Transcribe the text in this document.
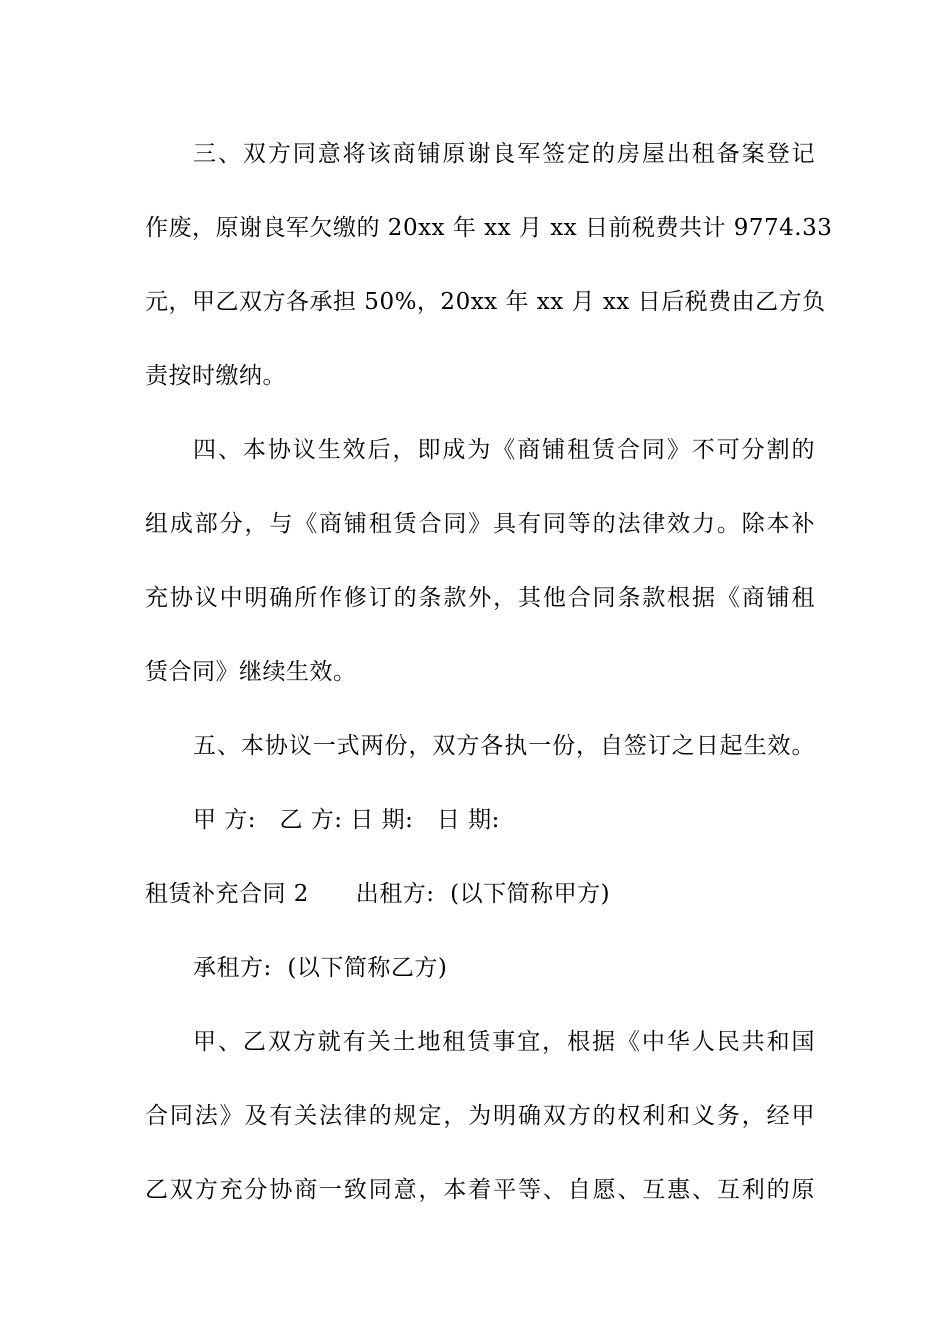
三、双方同意将该商铺原谢良军签定的房屋出租备案登记
作废，原谢良军欠缴的 20xx 年 xx 月 xx 日前税费共计 9774.33
元，甲乙双方各承担 50%，20xx 年 xx 月 xx 日后税费由乙方负
责按时缴纳。
四、本协议生效后，即成为《商铺租赁合同》不可分割的
组成部分，与《商铺租赁合同》具有同等的法律效力。除本补
充协议中明确所作修订的条款外，其他合同条款根据《商铺租
赁合同》继续生效。
五、本协议一式两份，双方各执一份，自签订之日起生效。
甲 方:   乙 方: 日 期:   日 期:
租赁补充合同 2      出租方:  (以下简称甲方)
承租方:  (以下简称乙方)
甲、乙双方就有关土地租赁事宜，根据《中华人民共和国
合同法》及有关法律的规定，为明确双方的权利和义务，经甲
乙双方充分协商一致同意，本着平等、自愿、互惠、互利的原
